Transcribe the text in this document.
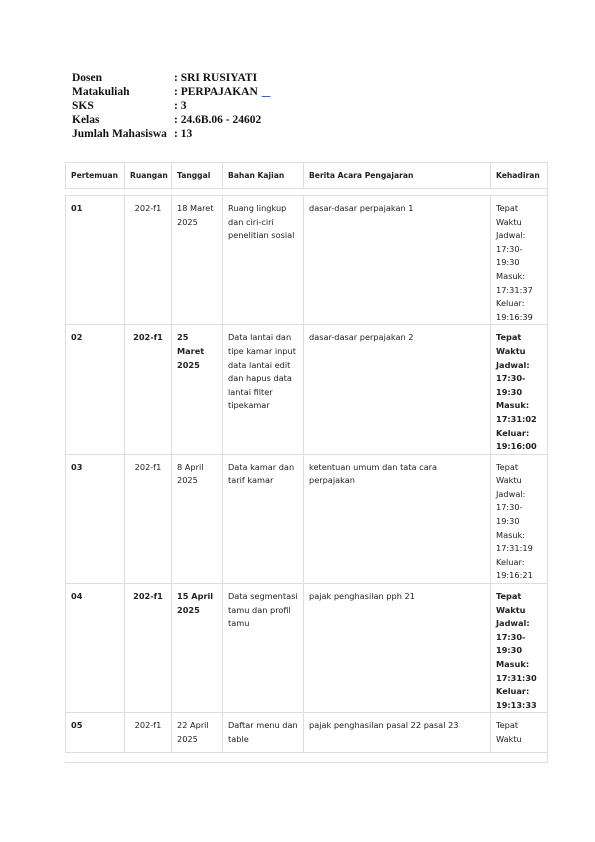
Dosen	: SRI RUSIYATI
Matakuliah	: PERPAJAKAN

SKS	: 3
Kelas	: 24.6B.06 - 24602
Jumlah Mahasiswa : 13
Pertemuan	Ruangan	Tanggal	Bahan Kajian	Berita Acara Pengajaran	Kehadiran

01	202-f1	18 Maret 2025	Ruang lingkup dan ciri-ciri penelitian sosial	dasar-dasar perpajakan 1	Tepat Waktu Jadwal: 17:30-19:30 Masuk: 17:31:37 Keluar: 19:16:39
02	202-f1	25 Maret 2025	Data lantai dan tipe kamar input data lantai edit dan hapus data lantai filter tipekamar	dasar-dasar perpajakan 2	Tepat Waktu Jadwal: 17:30-19:30 Masuk: 17:31:02 Keluar: 19:16:00
03	202-f1	8 April 2025	Data kamar dan tarif kamar	ketentuan umum dan tata cara perpajakan	Tepat Waktu Jadwal: 17:30-19:30 Masuk: 17:31:19 Keluar: 19:16:21
04	202-f1	15 April 2025	Data segmentasi tamu dan profil tamu	pajak penghasilan pph 21	Tepat Waktu Jadwal: 17:30-19:30 Masuk: 17:31:30 Keluar: 19:13:33
05	202-f1	22 April 2025	Daftar menu dan table	pajak penghasilan pasal 22 pasal 23	Tepat Waktu
